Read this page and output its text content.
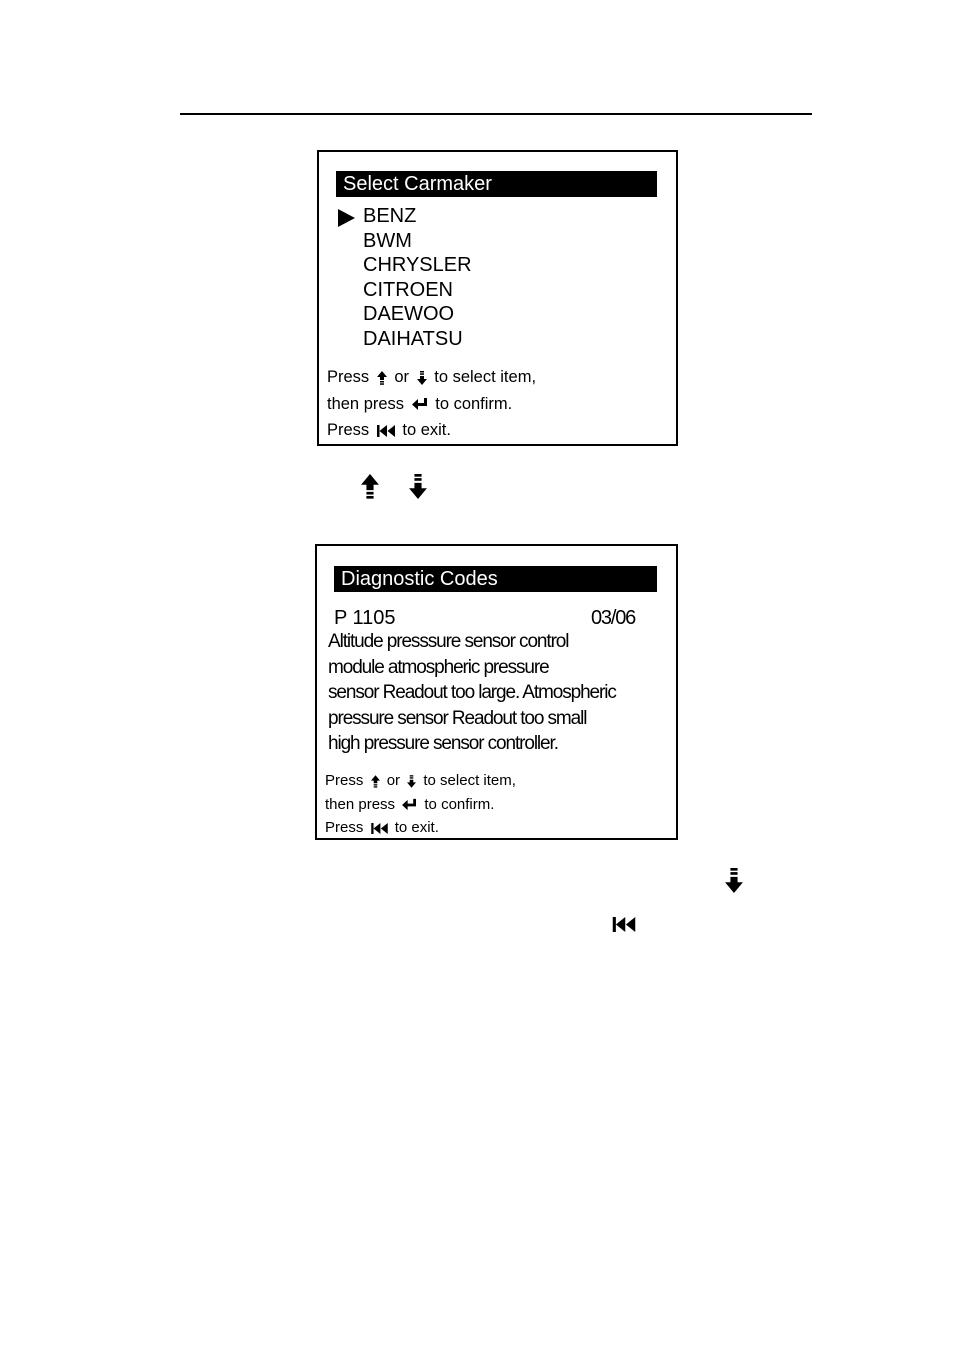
Select Carmaker
BENZ
BWM
CHRYSLER
CITROEN
DAEWOO
DAIHATSU
Press or to select item,
then press to confirm.
Press to exit.
Diagnostic Codes
P 1105	03/06
Altitude presssure sensor control
module atmospheric pressure
sensor Readout too large. Atmospheric
pressure sensor Readout too small
high pressure sensor controller.
Press or to select item,
then press to confirm.
Press to exit.
